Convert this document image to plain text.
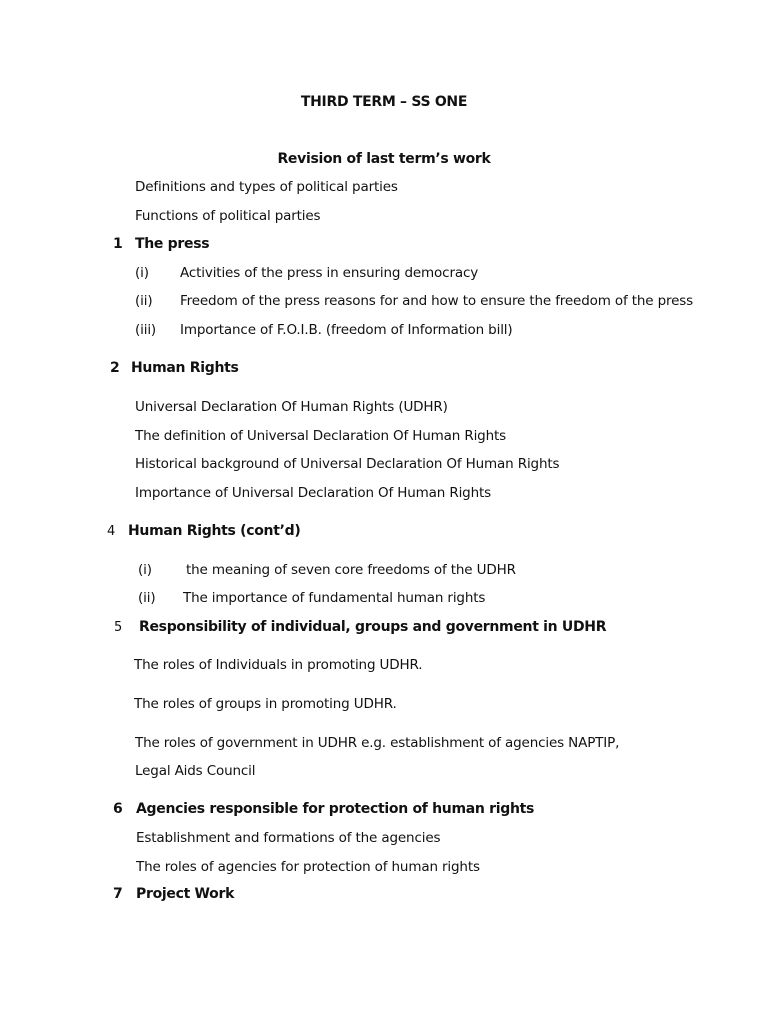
THIRD TERM – SS ONE
Revision of last term’s work
Definitions and types of political parties
Functions of political parties
1 The press
(i) Activities of the press in ensuring democracy
(ii) Freedom of the press reasons for and how to ensure the freedom of the press
(iii) Importance of F.O.I.B. (freedom of Information bill)
2 Human Rights
Universal Declaration Of Human Rights (UDHR)
The definition of Universal Declaration Of Human Rights
Historical background of Universal Declaration Of Human Rights
Importance of Universal Declaration Of Human Rights
4 Human Rights (cont’d)
(i)	the meaning of seven core freedoms of the UDHR
(ii) The importance of fundamental human rights
5 Responsibility of individual, groups and government in UDHR
The roles of Individuals in promoting UDHR.
The roles of groups in promoting UDHR.
The roles of government in UDHR e.g. establishment of agencies NAPTIP,
Legal Aids Council
6 Agencies responsible for protection of human rights
Establishment and formations of the agencies
The roles of agencies for protection of human rights
7 Project Work
